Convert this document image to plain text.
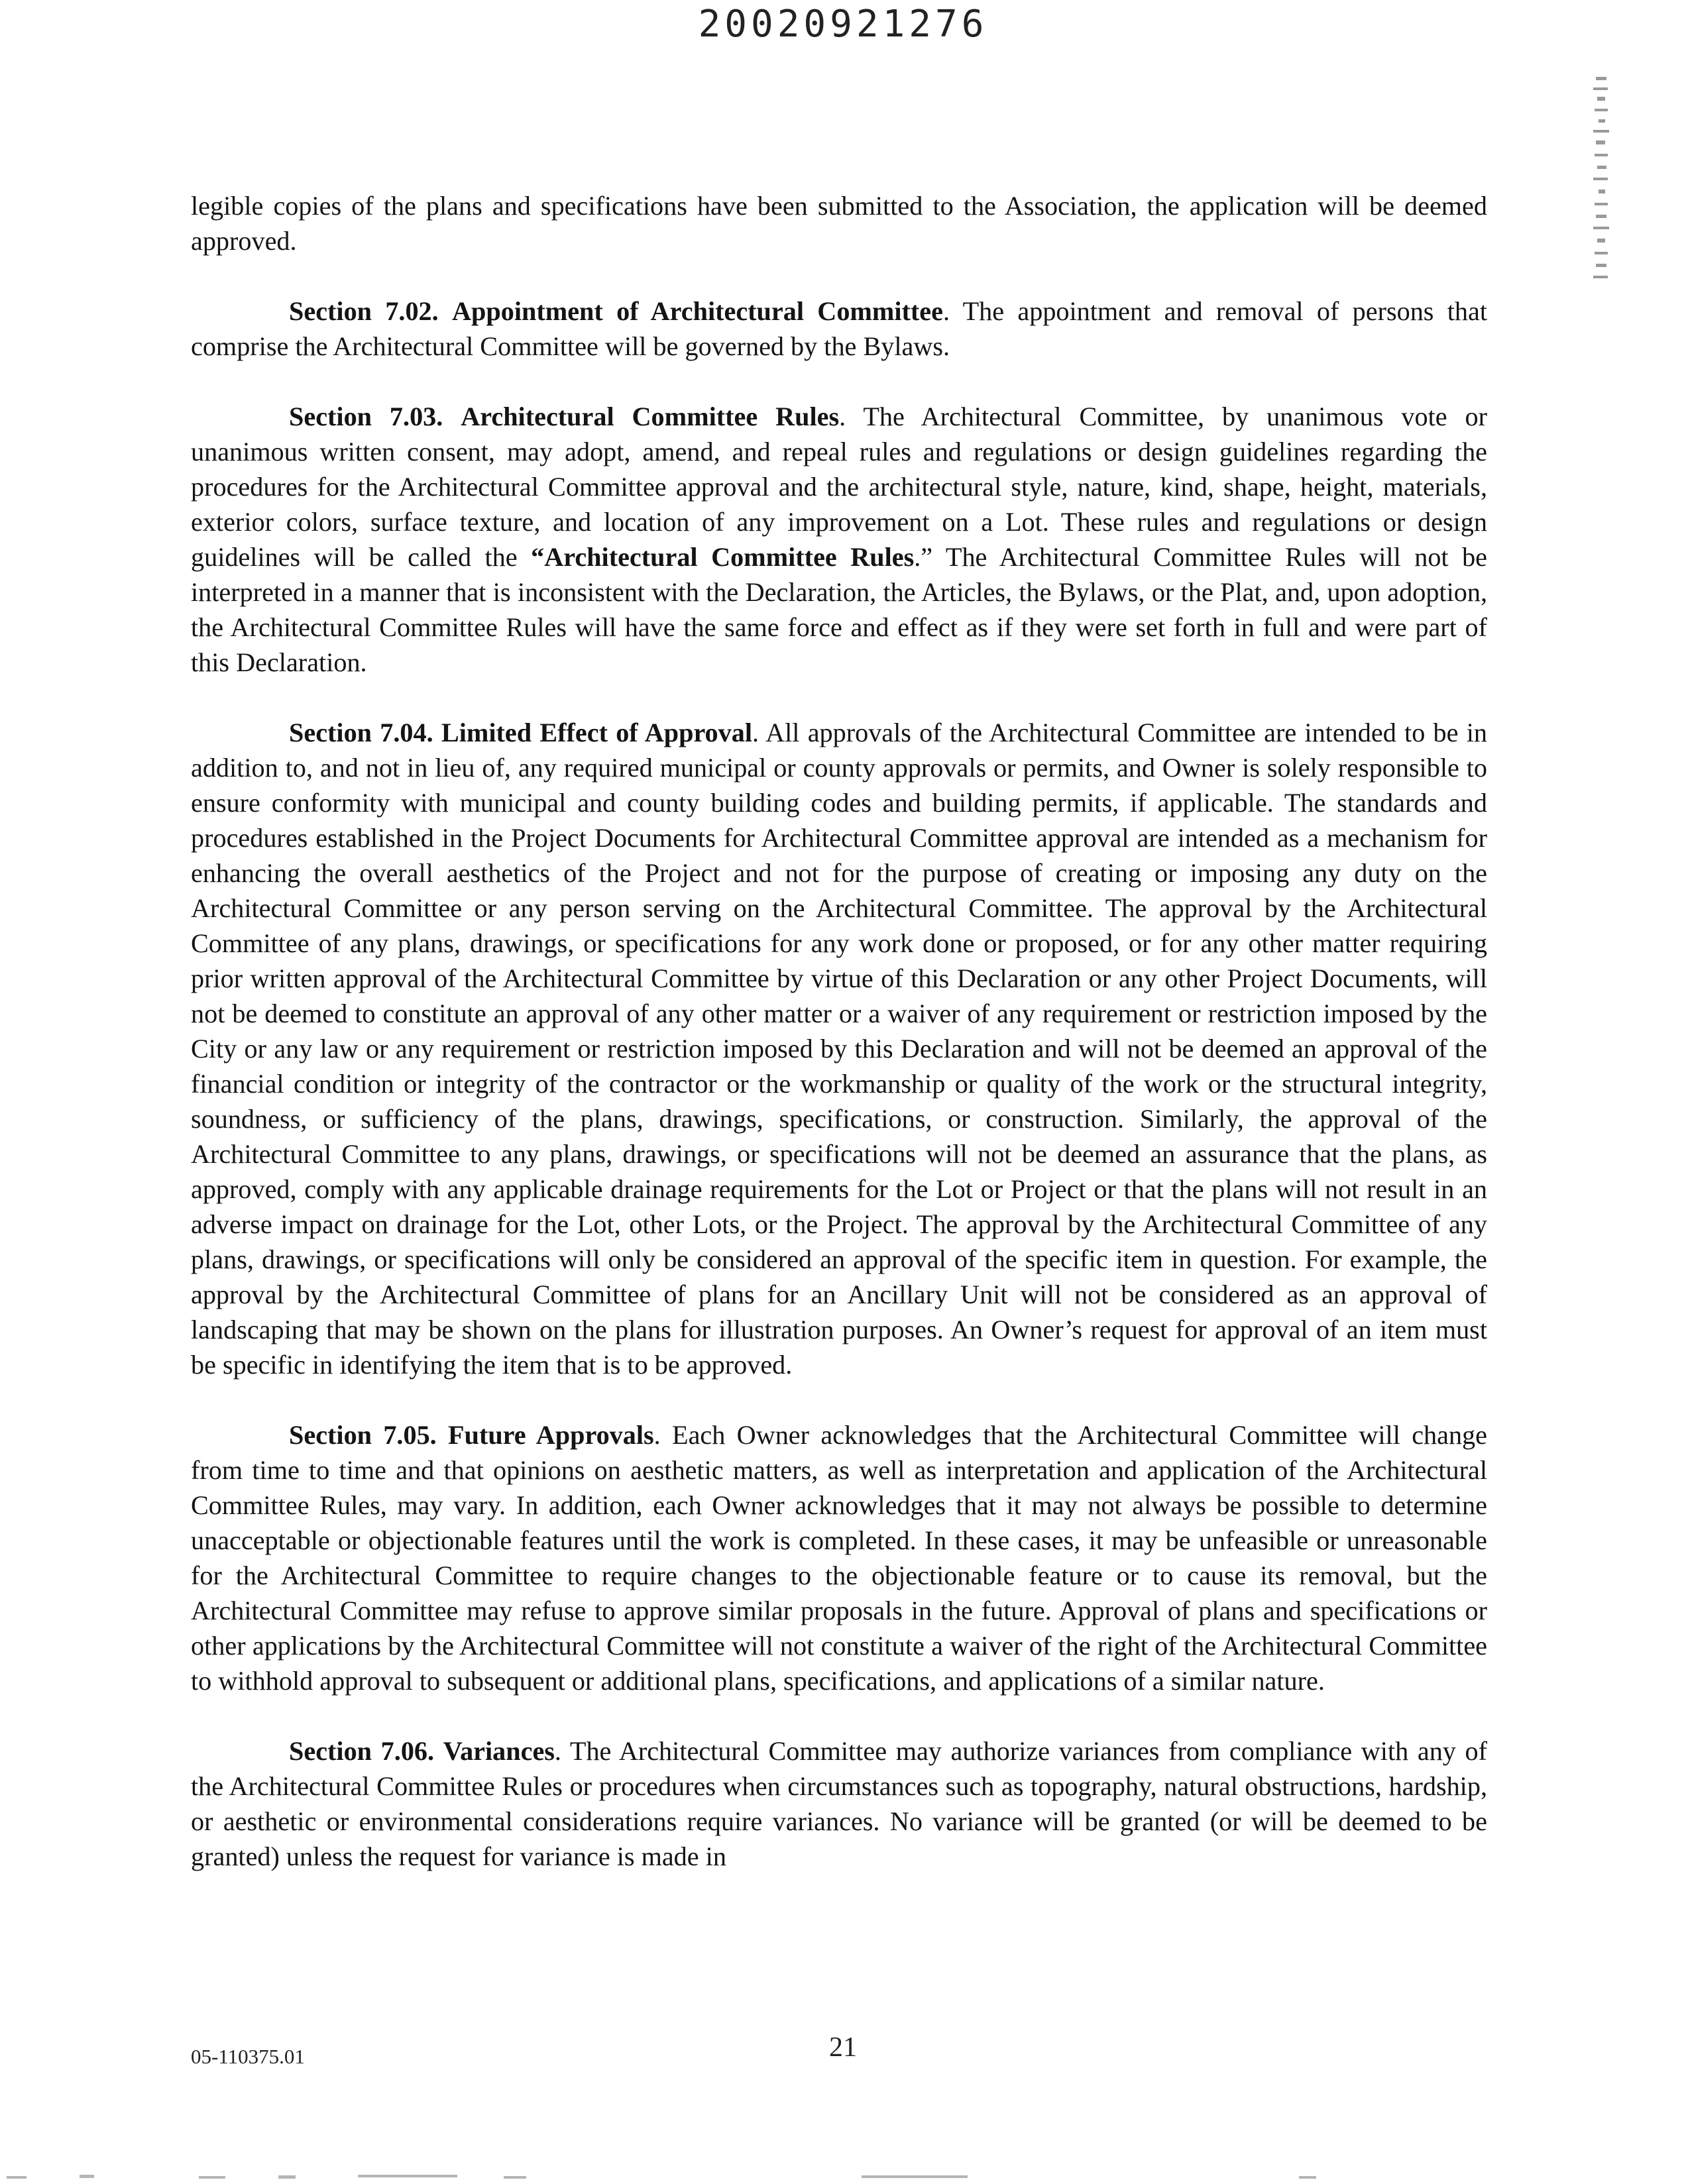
20020921276

legible copies of the plans and specifications have been submitted to the Association, the application will be deemed approved.

Section 7.02. Appointment of Architectural Committee. The appointment and removal of persons that comprise the Architectural Committee will be governed by the Bylaws.

Section 7.03. Architectural Committee Rules. The Architectural Committee, by unanimous vote or unanimous written consent, may adopt, amend, and repeal rules and regulations or design guidelines regarding the procedures for the Architectural Committee approval and the architectural style, nature, kind, shape, height, materials, exterior colors, surface texture, and location of any improvement on a Lot. These rules and regulations or design guidelines will be called the “Architectural Committee Rules.” The Architectural Committee Rules will not be interpreted in a manner that is inconsistent with the Declaration, the Articles, the Bylaws, or the Plat, and, upon adoption, the Architectural Committee Rules will have the same force and effect as if they were set forth in full and were part of this Declaration.

Section 7.04. Limited Effect of Approval. All approvals of the Architectural Committee are intended to be in addition to, and not in lieu of, any required municipal or county approvals or permits, and Owner is solely responsible to ensure conformity with municipal and county building codes and building permits, if applicable. The standards and procedures established in the Project Documents for Architectural Committee approval are intended as a mechanism for enhancing the overall aesthetics of the Project and not for the purpose of creating or imposing any duty on the Architectural Committee or any person serving on the Architectural Committee. The approval by the Architectural Committee of any plans, drawings, or specifications for any work done or proposed, or for any other matter requiring prior written approval of the Architectural Committee by virtue of this Declaration or any other Project Documents, will not be deemed to constitute an approval of any other matter or a waiver of any requirement or restriction imposed by the City or any law or any requirement or restriction imposed by this Declaration and will not be deemed an approval of the financial condition or integrity of the contractor or the workmanship or quality of the work or the structural integrity, soundness, or sufficiency of the plans, drawings, specifications, or construction. Similarly, the approval of the Architectural Committee to any plans, drawings, or specifications will not be deemed an assurance that the plans, as approved, comply with any applicable drainage requirements for the Lot or Project or that the plans will not result in an adverse impact on drainage for the Lot, other Lots, or the Project. The approval by the Architectural Committee of any plans, drawings, or specifications will only be considered an approval of the specific item in question. For example, the approval by the Architectural Committee of plans for an Ancillary Unit will not be considered as an approval of landscaping that may be shown on the plans for illustration purposes. An Owner’s request for approval of an item must be specific in identifying the item that is to be approved.

Section 7.05. Future Approvals. Each Owner acknowledges that the Architectural Committee will change from time to time and that opinions on aesthetic matters, as well as interpretation and application of the Architectural Committee Rules, may vary. In addition, each Owner acknowledges that it may not always be possible to determine unacceptable or objectionable features until the work is completed. In these cases, it may be unfeasible or unreasonable for the Architectural Committee to require changes to the objectionable feature or to cause its removal, but the Architectural Committee may refuse to approve similar proposals in the future. Approval of plans and specifications or other applications by the Architectural Committee will not constitute a waiver of the right of the Architectural Committee to withhold approval to subsequent or additional plans, specifications, and applications of a similar nature.

Section 7.06. Variances. The Architectural Committee may authorize variances from compliance with any of the Architectural Committee Rules or procedures when circumstances such as topography, natural obstructions, hardship, or aesthetic or environmental considerations require variances. No variance will be granted (or will be deemed to be granted) unless the request for variance is made in

05-110375.01	21
